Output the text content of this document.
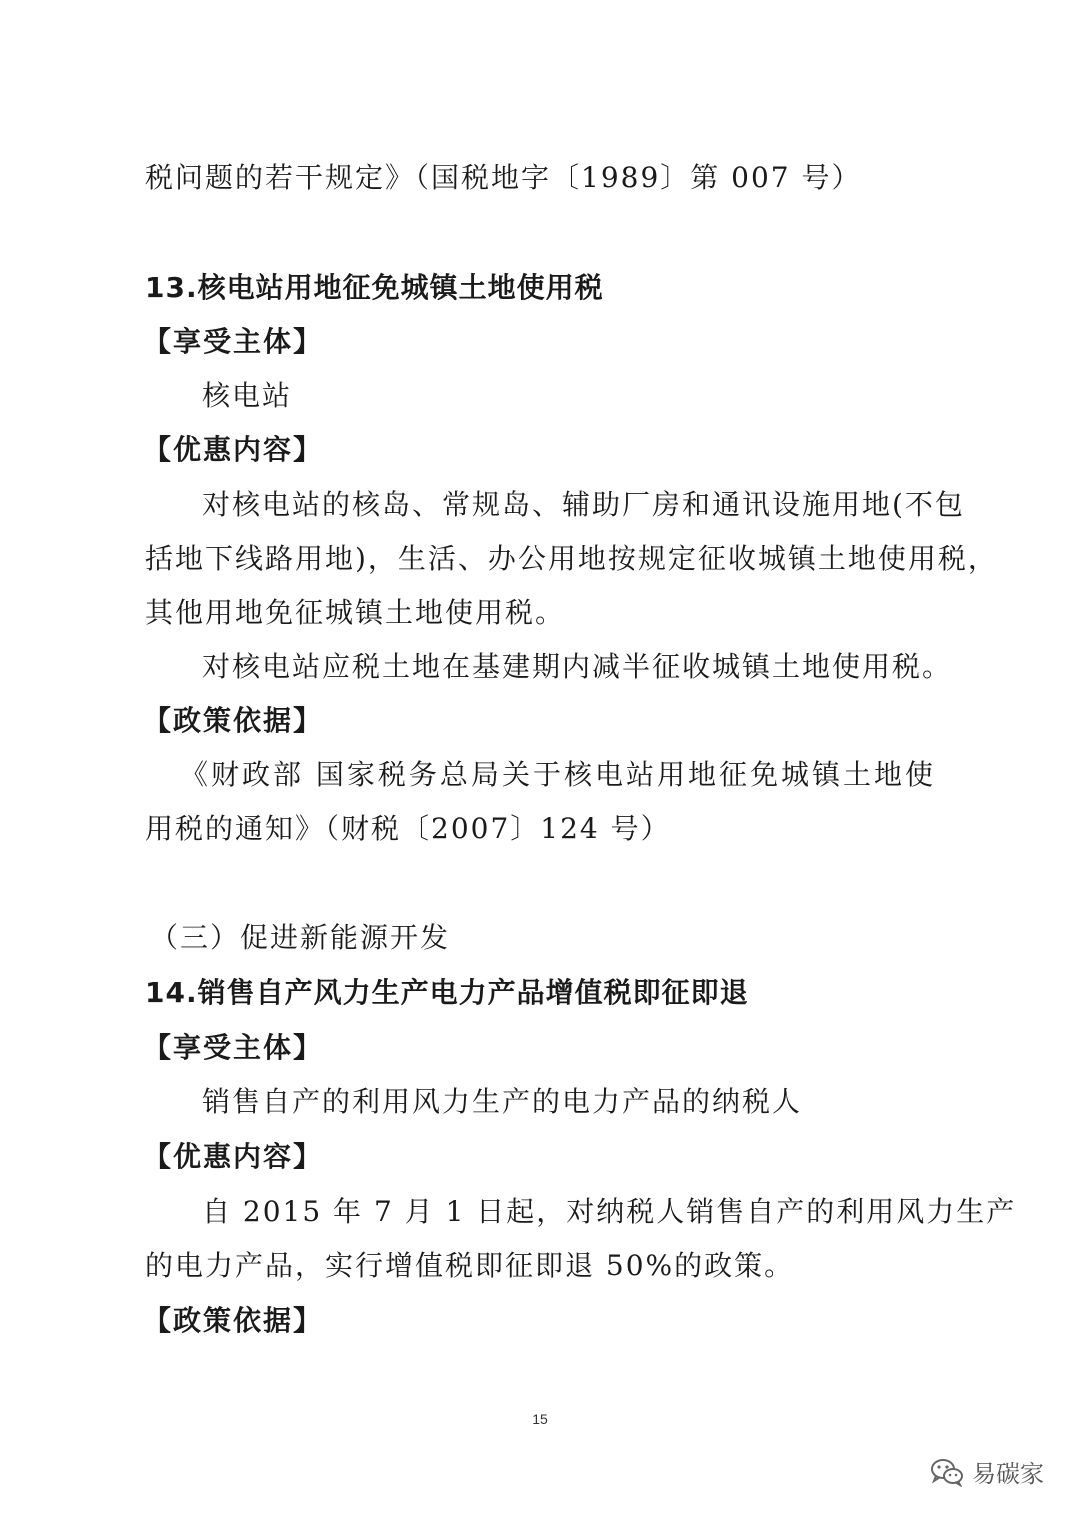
税问题的若干规定》（国税地字〔1989〕第 007 号）
13.核电站用地征免城镇土地使用税
【享受主体】
核电站
【优惠内容】
对核电站的核岛、常规岛、辅助厂房和通讯设施用地(不包
括地下线路用地)，生活、办公用地按规定征收城镇土地使用税，
其他用地免征城镇土地使用税。
对核电站应税土地在基建期内减半征收城镇土地使用税。
【政策依据】
《财政部 国家税务总局关于核电站用地征免城镇土地使
用税的通知》（财税〔2007〕124 号）
（三）促进新能源开发
14.销售自产风力生产电力产品增值税即征即退
【享受主体】
销售自产的利用风力生产的电力产品的纳税人
【优惠内容】
自 2015 年 7 月 1 日起，对纳税人销售自产的利用风力生产
的电力产品，实行增值税即征即退 50%的政策。
【政策依据】
15
易碳家
